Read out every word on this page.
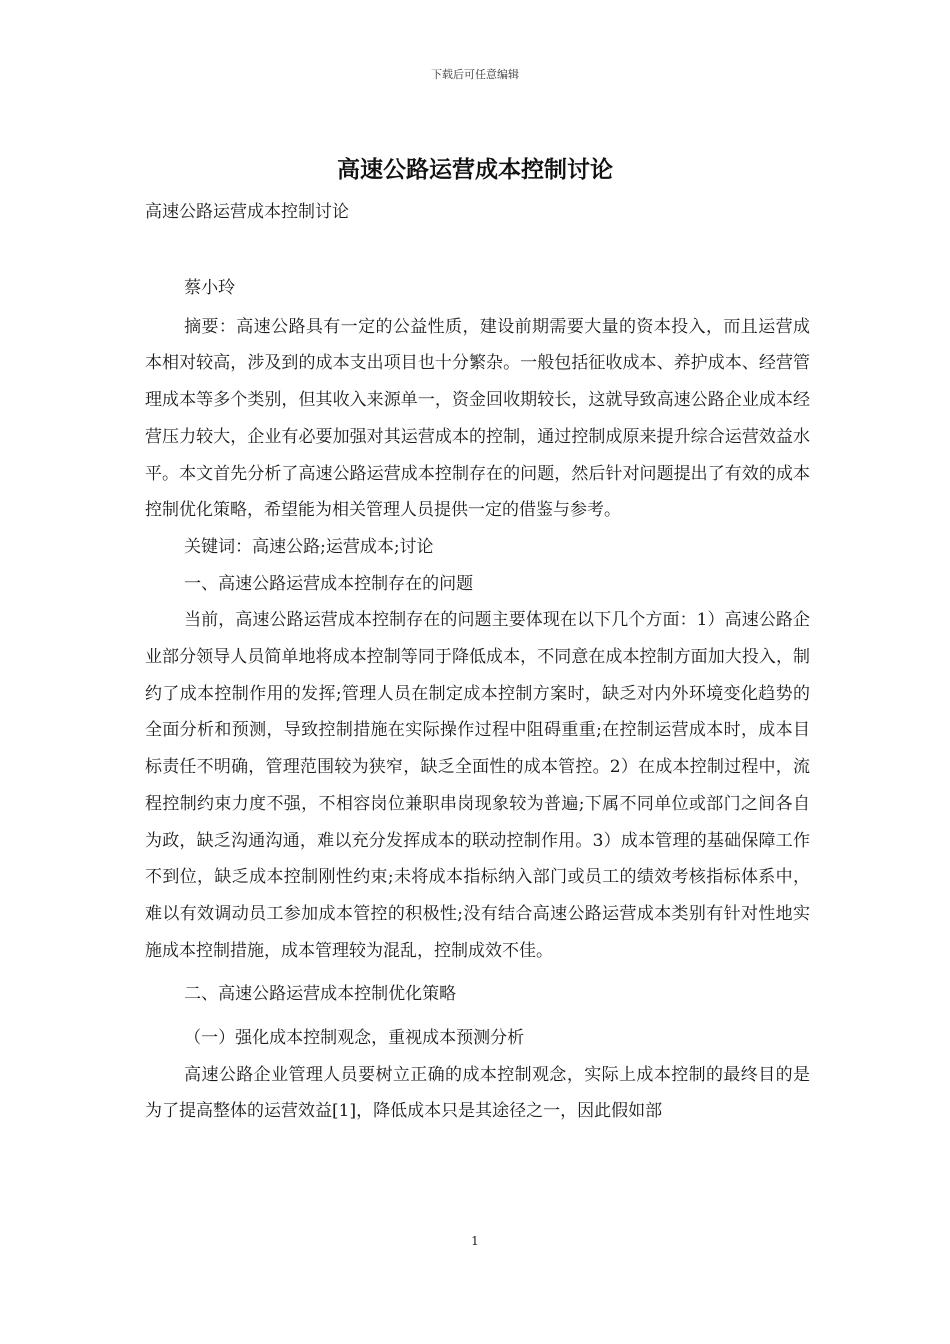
下载后可任意编辑
高速公路运营成本控制讨论
高速公路运营成本控制讨论

蔡小玲

摘要：高速公路具有一定的公益性质，建设前期需要大量的资本投入，而且运营成本相对较高，涉及到的成本支出项目也十分繁杂。一般包括征收成本、养护成本、经营管理成本等多个类别，但其收入来源单一，资金回收期较长，这就导致高速公路企业成本经营压力较大，企业有必要加强对其运营成本的控制，通过控制成原来提升综合运营效益水平。本文首先分析了高速公路运营成本控制存在的问题，然后针对问题提出了有效的成本控制优化策略，希望能为相关管理人员提供一定的借鉴与参考。

关键词：高速公路;运营成本;讨论

一、高速公路运营成本控制存在的问题

当前，高速公路运营成本控制存在的问题主要体现在以下几个方面：1）高速公路企业部分领导人员简单地将成本控制等同于降低成本，不同意在成本控制方面加大投入，制约了成本控制作用的发挥;管理人员在制定成本控制方案时，缺乏对内外环境变化趋势的全面分析和预测，导致控制措施在实际操作过程中阻碍重重;在控制运营成本时，成本目标责任不明确，管理范围较为狭窄，缺乏全面性的成本管控。2）在成本控制过程中，流程控制约束力度不强，不相容岗位兼职串岗现象较为普遍;下属不同单位或部门之间各自为政，缺乏沟通沟通，难以充分发挥成本的联动控制作用。3）成本管理的基础保障工作不到位，缺乏成本控制刚性约束;未将成本指标纳入部门或员工的绩效考核指标体系中，难以有效调动员工参加成本管控的积极性;没有结合高速公路运营成本类别有针对性地实施成本控制措施，成本管理较为混乱，控制成效不佳。

二、高速公路运营成本控制优化策略

（一）强化成本控制观念，重视成本预测分析

高速公路企业管理人员要树立正确的成本控制观念，实际上成本控制的最终目的是为了提高整体的运营效益[1]，降低成本只是其途径之一，因此假如部

1
